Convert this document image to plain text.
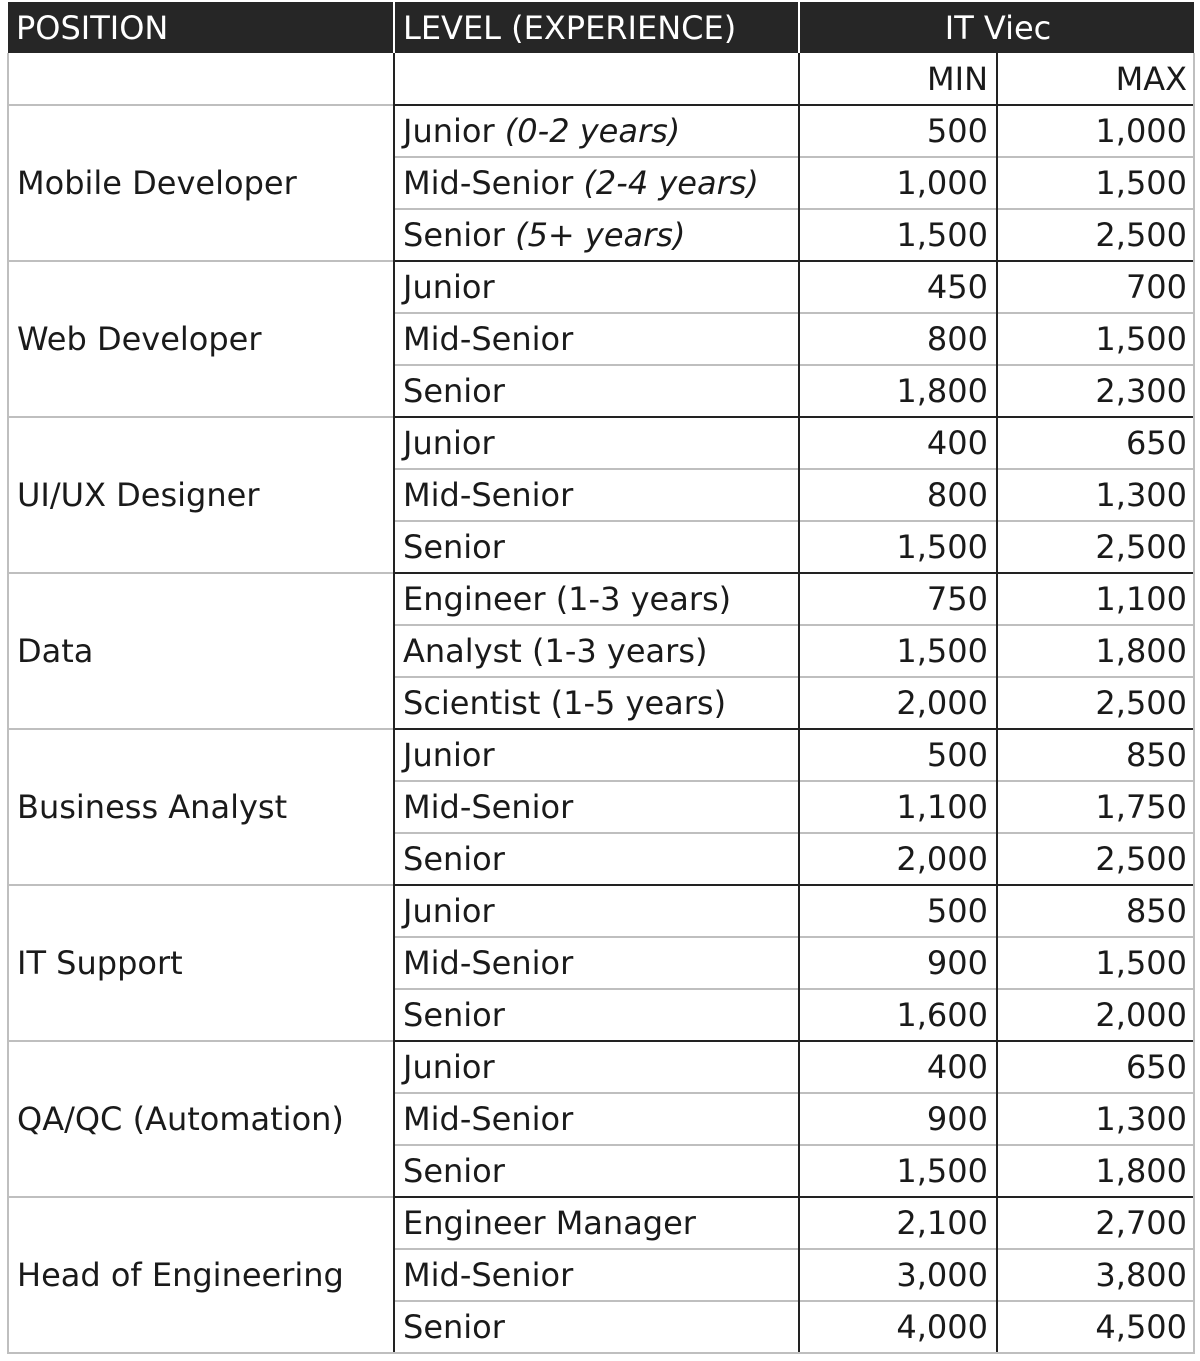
POSITION	LEVEL (EXPERIENCE)	IT Viec	
		MIN	MAX
Mobile Developer	Junior (0-2 years)	500	1,000
	Mid-Senior (2-4 years)	1,000	1,500
	Senior (5+ years)	1,500	2,500
Web Developer	Junior	450	700
	Mid-Senior	800	1,500
	Senior	1,800	2,300
UI/UX Designer	Junior	400	650
	Mid-Senior	800	1,300
	Senior	1,500	2,500
Data	Engineer (1-3 years)	750	1,100
	Analyst (1-3 years)	1,500	1,800
	Scientist (1-5 years)	2,000	2,500
Business Analyst	Junior	500	850
	Mid-Senior	1,100	1,750
	Senior	2,000	2,500
IT Support	Junior	500	850
	Mid-Senior	900	1,500
	Senior	1,600	2,000
QA/QC (Automation)	Junior	400	650
	Mid-Senior	900	1,300
	Senior	1,500	1,800
Head of Engineering	Engineer Manager	2,100	2,700
	Mid-Senior	3,000	3,800
	Senior	4,000	4,500
